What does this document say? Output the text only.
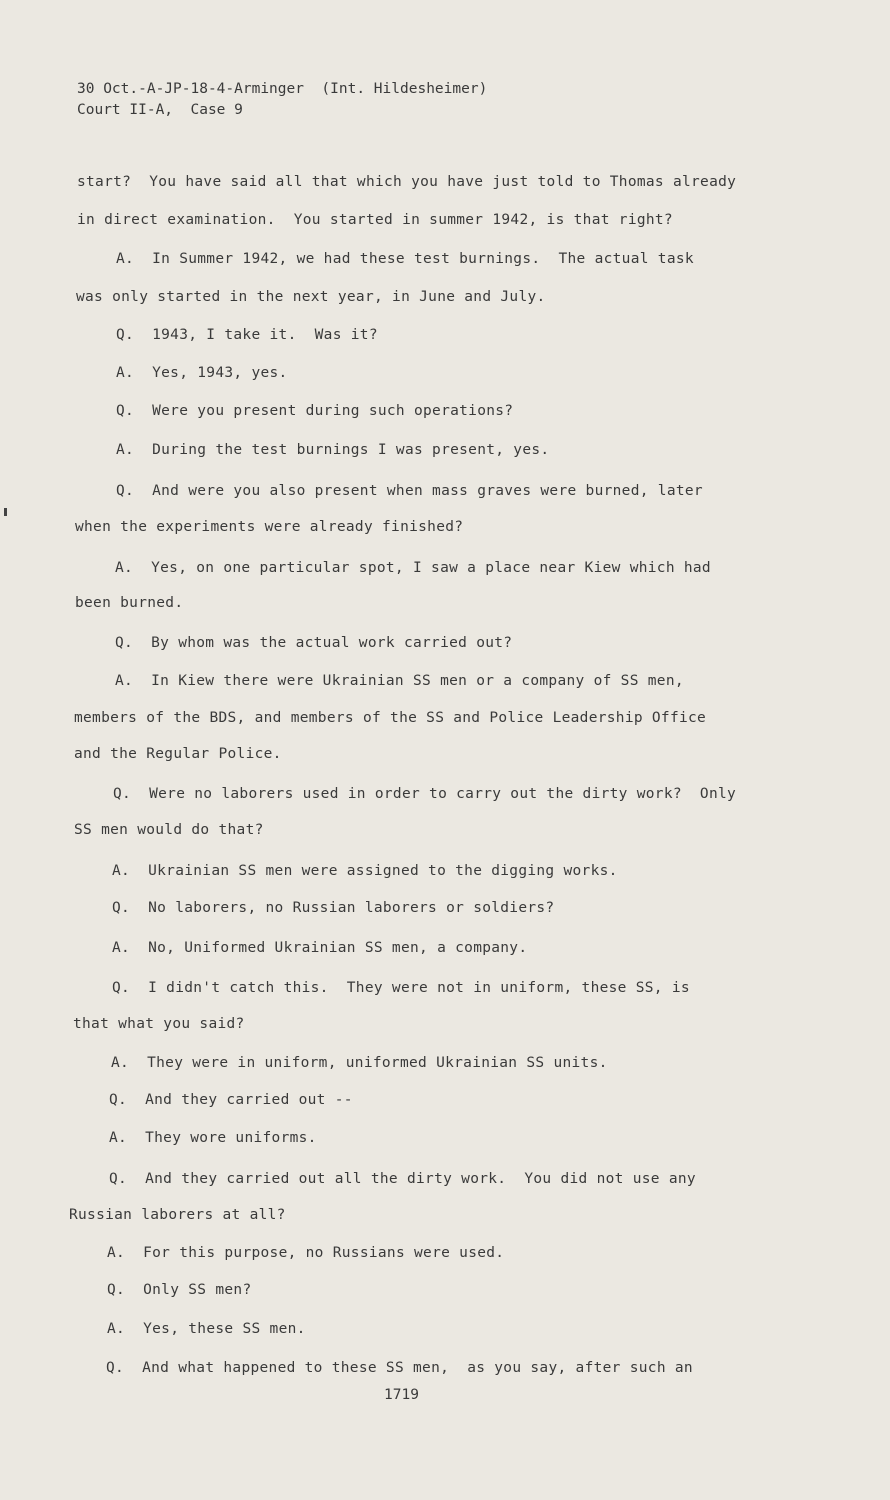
30 Oct.-A-JP-18-4-Arminger  (Int. Hildesheimer)
Court II-A,  Case 9
start?  You have said all that which you have just told to Thomas already
in direct examination.  You started in summer 1942, is that right?
A.  In Summer 1942, we had these test burnings.  The actual task
was only started in the next year, in June and July.
Q.  1943, I take it.  Was it?
A.  Yes, 1943, yes.
Q.  Were you present during such operations?
A.  During the test burnings I was present, yes.
Q.  And were you also present when mass graves were burned, later
when the experiments were already finished?
A.  Yes, on one particular spot, I saw a place near Kiew which had
been burned.
Q.  By whom was the actual work carried out?
A.  In Kiew there were Ukrainian SS men or a company of SS men,
members of the BDS, and members of the SS and Police Leadership Office
and the Regular Police.
Q.  Were no laborers used in order to carry out the dirty work?  Only
SS men would do that?
A.  Ukrainian SS men were assigned to the digging works.
Q.  No laborers, no Russian laborers or soldiers?
A.  No, Uniformed Ukrainian SS men, a company.
Q.  I didn't catch this.  They were not in uniform, these SS, is
that what you said?
A.  They were in uniform, uniformed Ukrainian SS units.
Q.  And they carried out --
A.  They wore uniforms.
Q.  And they carried out all the dirty work.  You did not use any
Russian laborers at all?
A.  For this purpose, no Russians were used.
Q.  Only SS men?
A.  Yes, these SS men.
Q.  And what happened to these SS men,  as you say, after such an
1719
